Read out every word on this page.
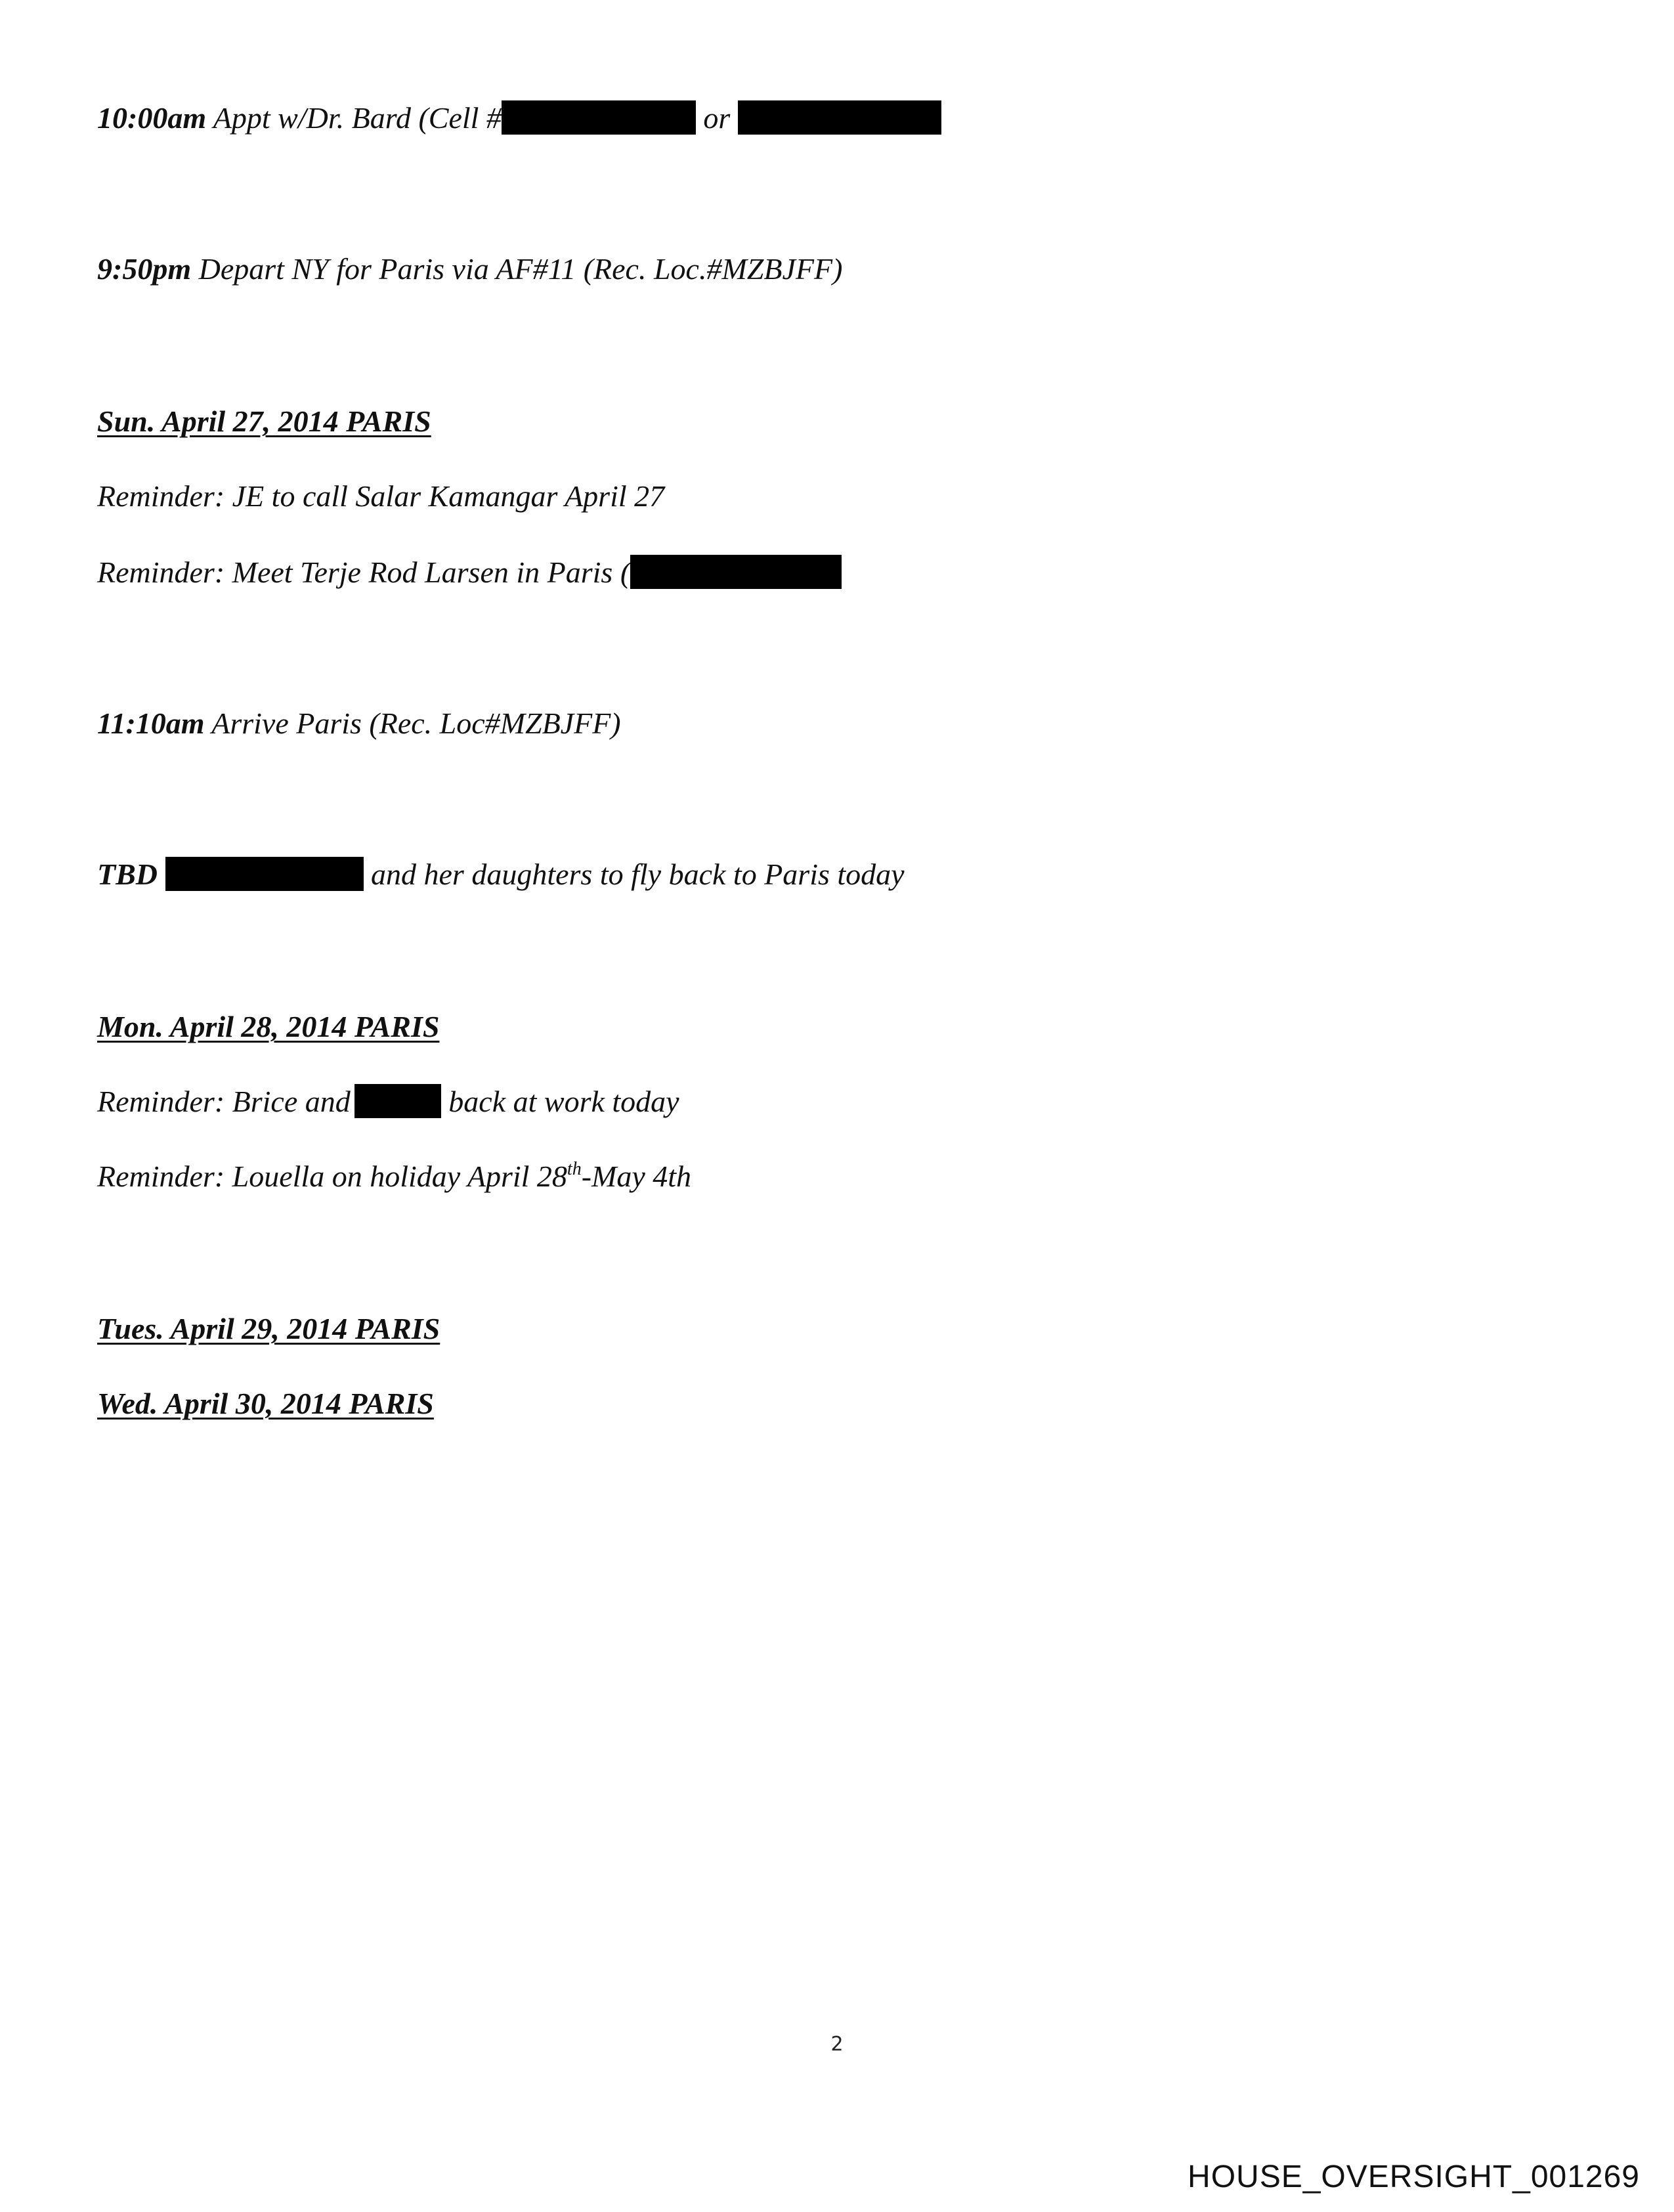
10:00am Appt w/Dr. Bard (Cell #	or
9:50pm Depart NY for Paris via AF#11 (Rec. Loc.#MZBJFF)
Sun. April 27, 2014 PARIS
Reminder: JE to call Salar Kamangar April 27
Reminder: Meet Terje Rod Larsen in Paris (
11:10am Arrive Paris (Rec. Loc#MZBJFF)
TBD	and her daughters to fly back to Paris today
Mon. April 28, 2014 PARIS
Reminder: Brice and	back at work today
Reminder: Louella on holiday April 28th-May 4th
Tues. April 29, 2014 PARIS
Wed. April 30, 2014 PARIS
2
HOUSE_OVERSIGHT_001269
